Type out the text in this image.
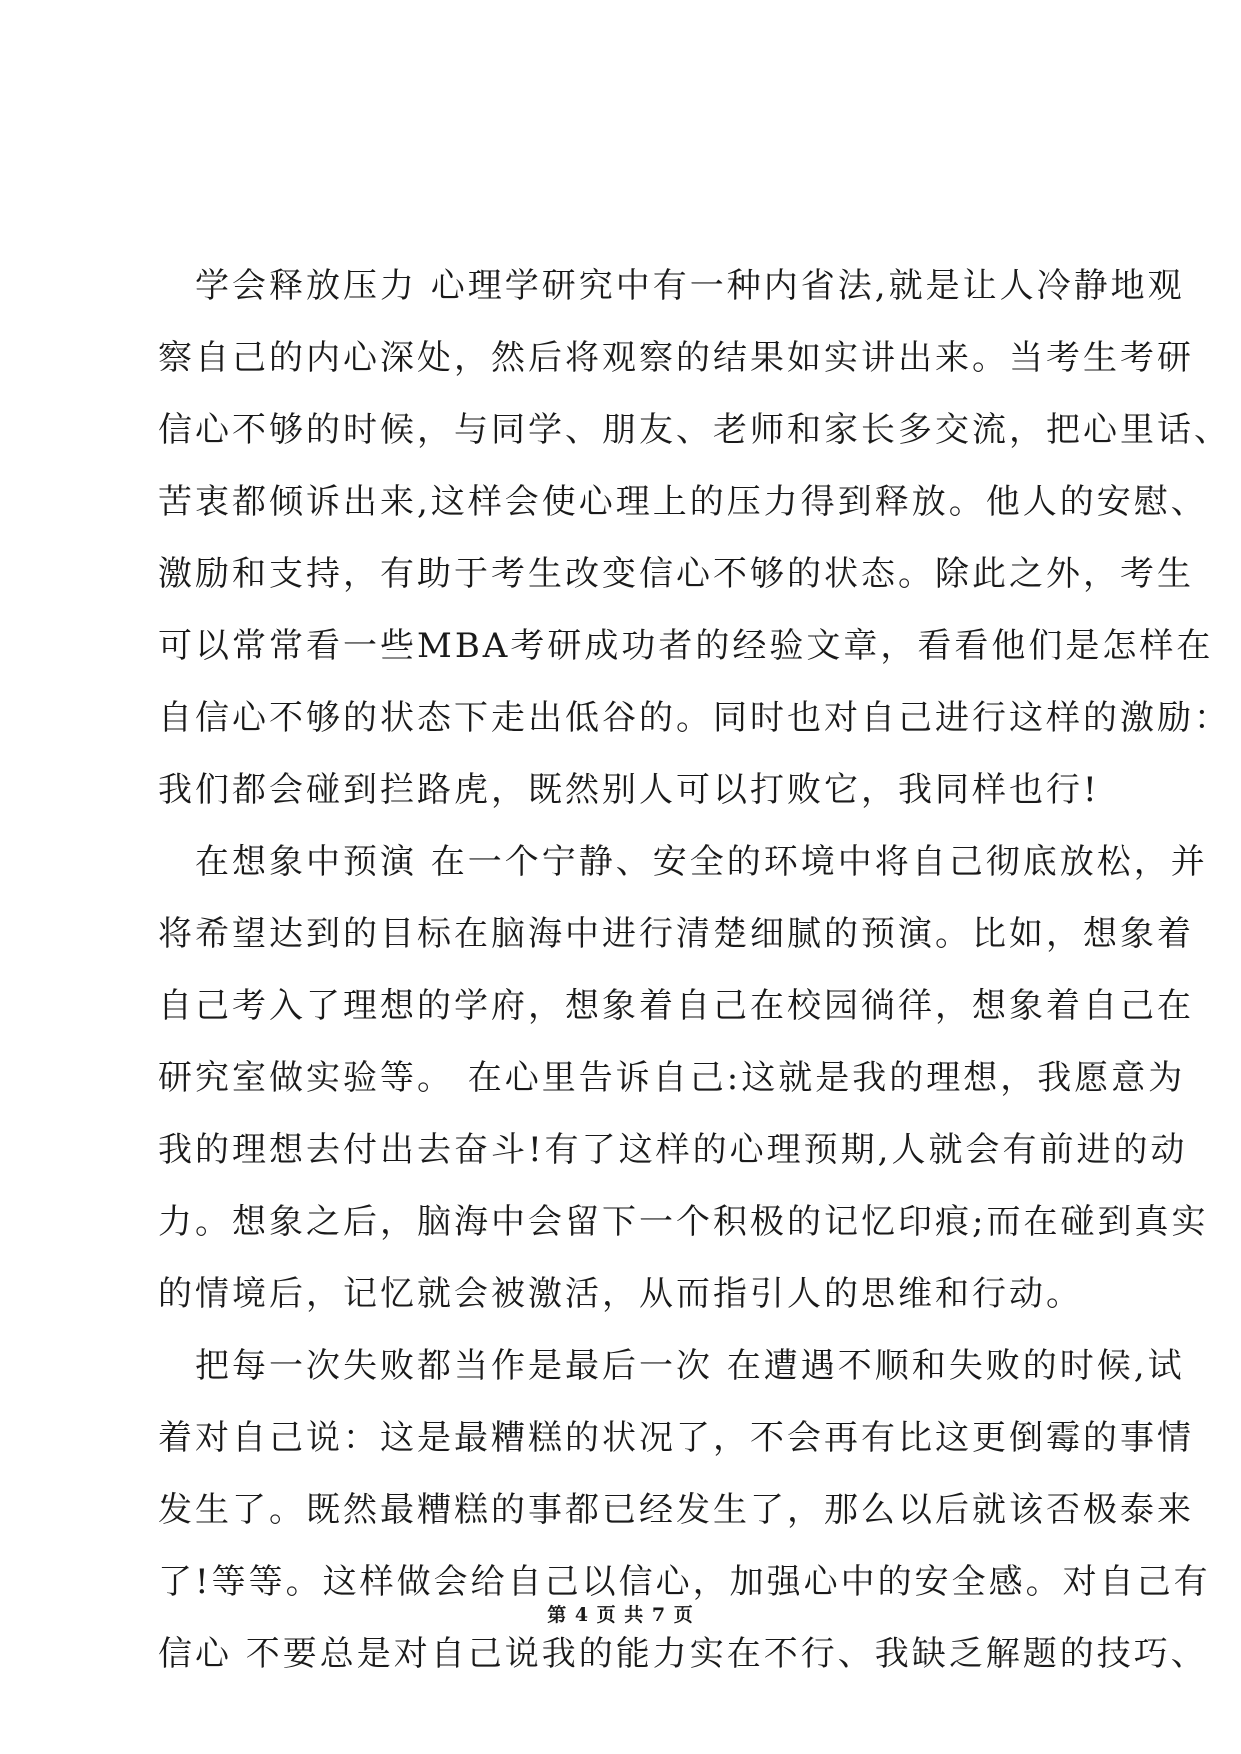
　学会释放压力 心理学研究中有一种内省法,就是让人冷静地观
察自己的内心深处，然后将观察的结果如实讲出来。当考生考研
信心不够的时候，与同学、朋友、老师和家长多交流，把心里话、
苦衷都倾诉出来,这样会使心理上的压力得到释放。他人的安慰、
激励和支持，有助于考生改变信心不够的状态。除此之外，考生
可以常常看一些MBA考研成功者的经验文章，看看他们是怎样在
自信心不够的状态下走出低谷的。同时也对自己进行这样的激励：
我们都会碰到拦路虎，既然别人可以打败它，我同样也行!
　在想象中预演 在一个宁静、安全的环境中将自己彻底放松，并
将希望达到的目标在脑海中进行清楚细腻的预演。比如，想象着
自己考入了理想的学府，想象着自己在校园徜徉，想象着自己在
研究室做实验等。 在心里告诉自己:这就是我的理想，我愿意为
我的理想去付出去奋斗!有了这样的心理预期,人就会有前进的动
力。想象之后，脑海中会留下一个积极的记忆印痕;而在碰到真实
的情境后，记忆就会被激活，从而指引人的思维和行动。
　把每一次失败都当作是最后一次 在遭遇不顺和失败的时候,试
着对自己说：这是最糟糕的状况了，不会再有比这更倒霉的事情
发生了。既然最糟糕的事都已经发生了，那么以后就该否极泰来
了!等等。这样做会给自己以信心，加强心中的安全感。对自己有
信心 不要总是对自己说我的能力实在不行、我缺乏解题的技巧、
第 4 页 共 7 页
